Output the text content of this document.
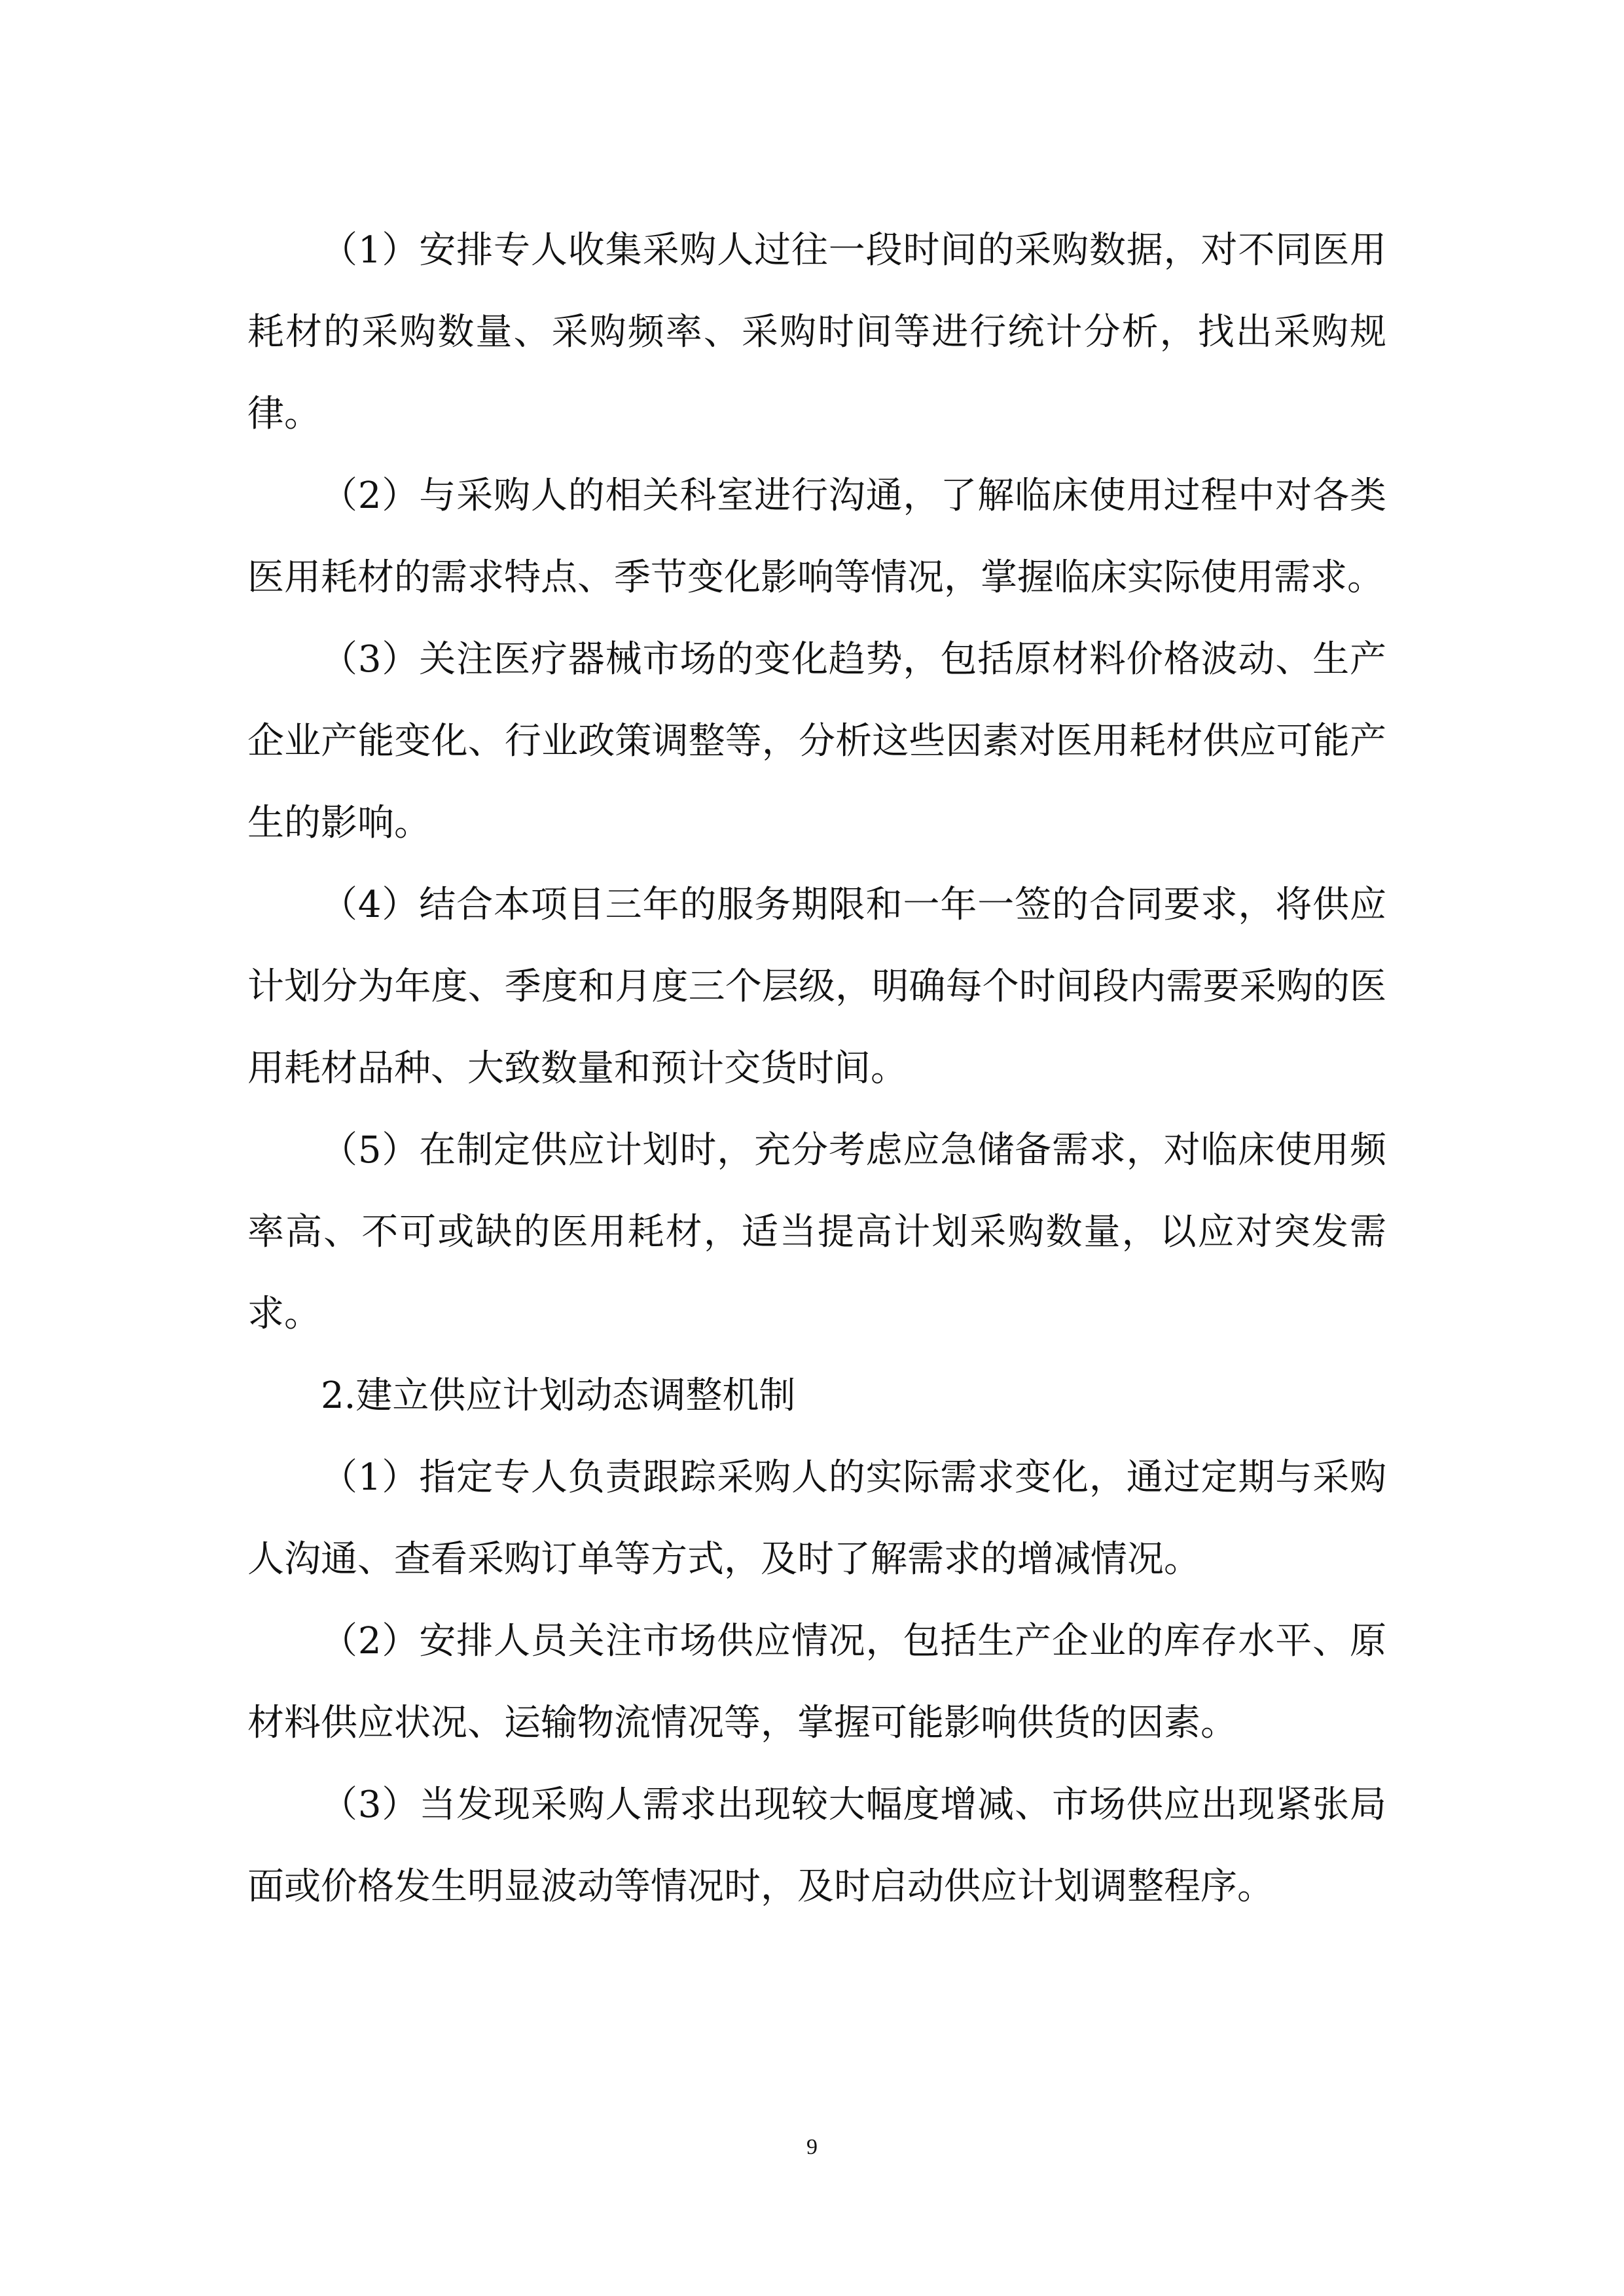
（1）安排专人收集采购人过往一段时间的采购数据，对不同医用耗材的采购数量、采购频率、采购时间等进行统计分析，找出采购规律。

（2）与采购人的相关科室进行沟通，了解临床使用过程中对各类医用耗材的需求特点、季节变化影响等情况，掌握临床实际使用需求。

（3）关注医疗器械市场的变化趋势，包括原材料价格波动、生产企业产能变化、行业政策调整等，分析这些因素对医用耗材供应可能产生的影响。

（4）结合本项目三年的服务期限和一年一签的合同要求，将供应计划分为年度、季度和月度三个层级，明确每个时间段内需要采购的医用耗材品种、大致数量和预计交货时间。

（5）在制定供应计划时，充分考虑应急储备需求，对临床使用频率高、不可或缺的医用耗材，适当提高计划采购数量，以应对突发需求。

2.建立供应计划动态调整机制

（1）指定专人负责跟踪采购人的实际需求变化，通过定期与采购人沟通、查看采购订单等方式，及时了解需求的增减情况。

（2）安排人员关注市场供应情况，包括生产企业的库存水平、原材料供应状况、运输物流情况等，掌握可能影响供货的因素。

（3）当发现采购人需求出现较大幅度增减、市场供应出现紧张局面或价格发生明显波动等情况时，及时启动供应计划调整程序。

9
